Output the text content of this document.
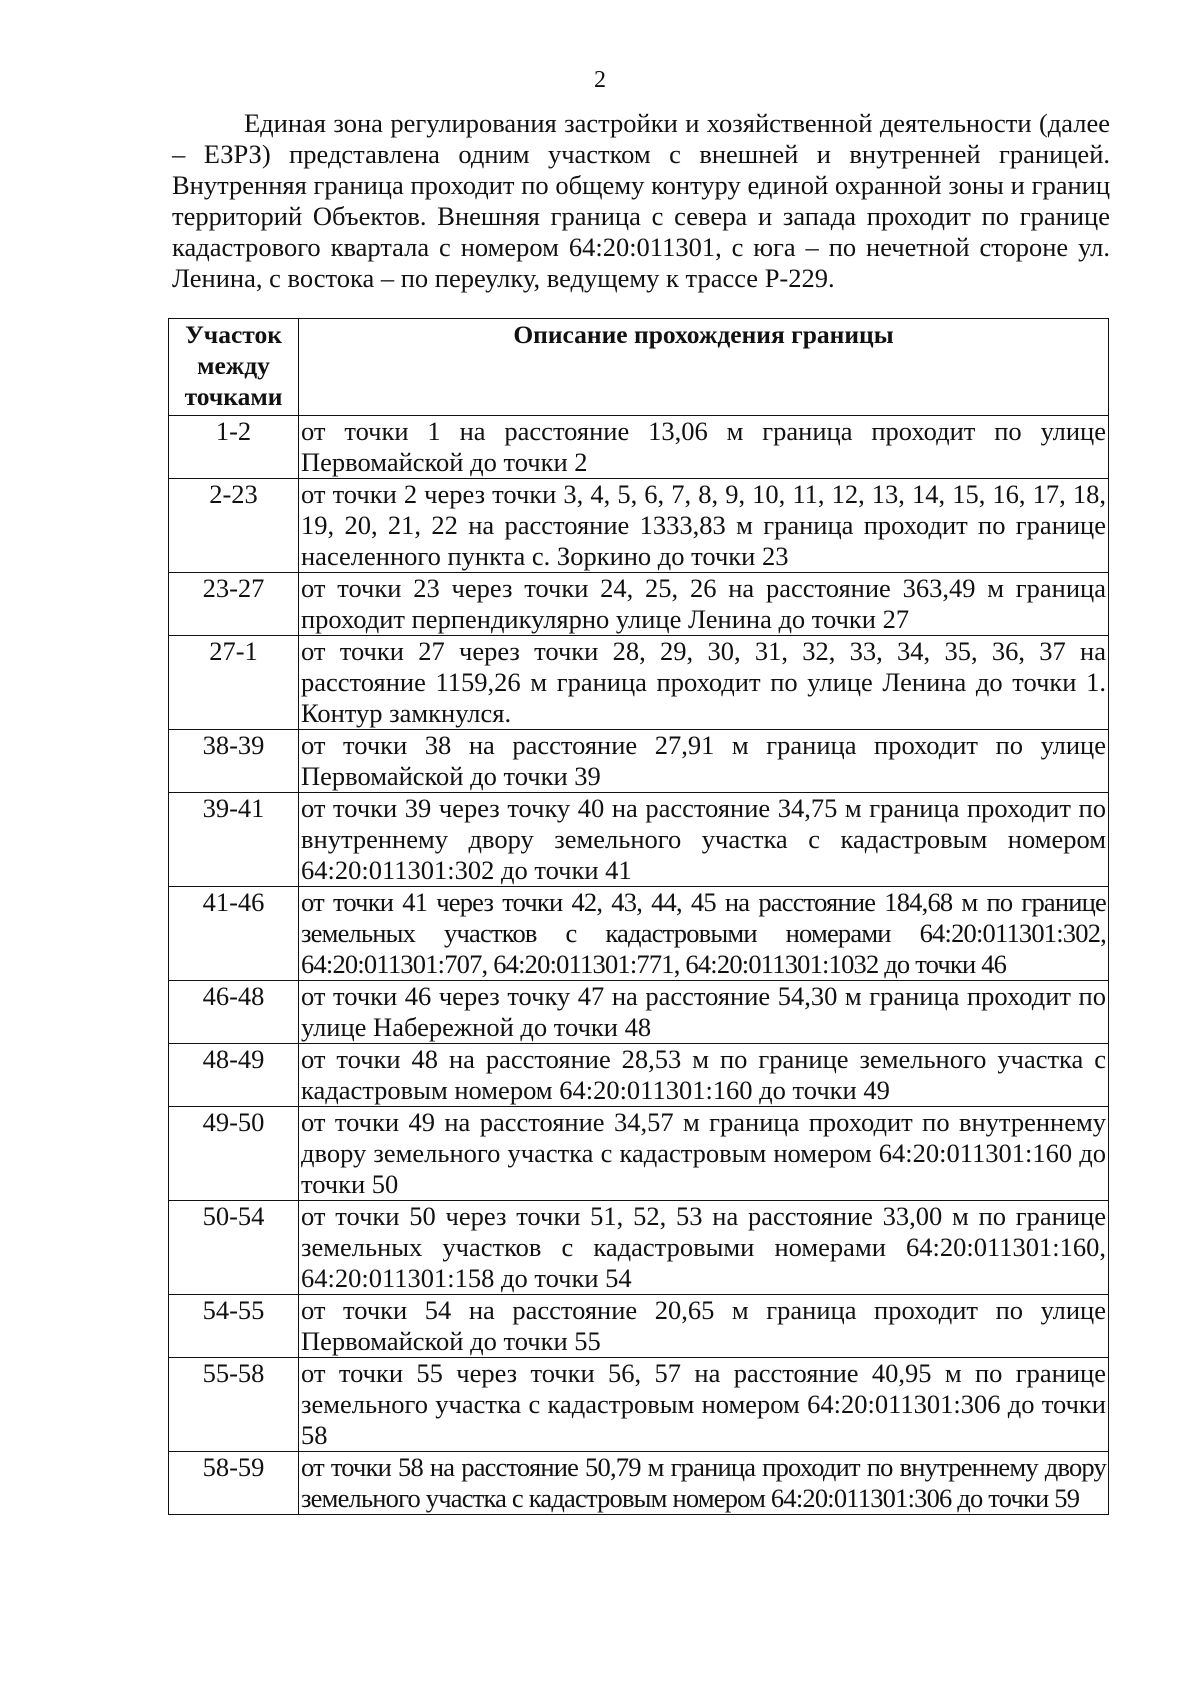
2

Единая зона регулирования застройки и хозяйственной деятельности (далее – ЕЗРЗ) представлена одним участком с внешней и внутренней границей. Внутренняя граница проходит по общему контуру единой охранной зоны и границ территорий Объектов. Внешняя граница с севера и запада проходит по границе кадастрового квартала с номером 64:20:011301, с юга – по нечетной стороне ул. Ленина, с востока – по переулку, ведущему к трассе Р-229.

Участок между точками	Описание прохождения границы
1-2	от точки 1 на расстояние 13,06 м граница проходит по улице Первомайской до точки 2
2-23	от точки 2 через точки 3, 4, 5, 6, 7, 8, 9, 10, 11, 12, 13, 14, 15, 16, 17, 18, 19, 20, 21, 22 на расстояние 1333,83 м граница проходит по границе населенного пункта с. Зоркино до точки 23
23-27	от точки 23 через точки 24, 25, 26 на расстояние 363,49 м граница проходит перпендикулярно улице Ленина до точки 27
27-1	от точки 27 через точки 28, 29, 30, 31, 32, 33, 34, 35, 36, 37 на расстояние 1159,26 м граница проходит по улице Ленина до точки 1. Контур замкнулся.
38-39	от точки 38 на расстояние 27,91 м граница проходит по улице Первомайской до точки 39
39-41	от точки 39 через точку 40 на расстояние 34,75 м граница проходит по внутреннему двору земельного участка с кадастровым номером 64:20:011301:302 до точки 41
41-46	от точки 41 через точки 42, 43, 44, 45 на расстояние 184,68 м по границе земельных участков с кадастровыми номерами 64:20:011301:302, 64:20:011301:707, 64:20:011301:771, 64:20:011301:1032 до точки 46
46-48	от точки 46 через точку 47 на расстояние 54,30 м граница проходит по улице Набережной до точки 48
48-49	от точки 48 на расстояние 28,53 м по границе земельного участка с кадастровым номером 64:20:011301:160 до точки 49
49-50	от точки 49 на расстояние 34,57 м граница проходит по внутреннему двору земельного участка с кадастровым номером 64:20:011301:160 до точки 50
50-54	от точки 50 через точки 51, 52, 53 на расстояние 33,00 м по границе земельных участков с кадастровыми номерами 64:20:011301:160, 64:20:011301:158 до точки 54
54-55	от точки 54 на расстояние 20,65 м граница проходит по улице Первомайской до точки 55
55-58	от точки 55 через точки 56, 57 на расстояние 40,95 м по границе земельного участка с кадастровым номером 64:20:011301:306 до точки 58
58-59	от точки 58 на расстояние 50,79 м граница проходит по внутреннему двору земельного участка с кадастровым номером 64:20:011301:306 до точки 59
